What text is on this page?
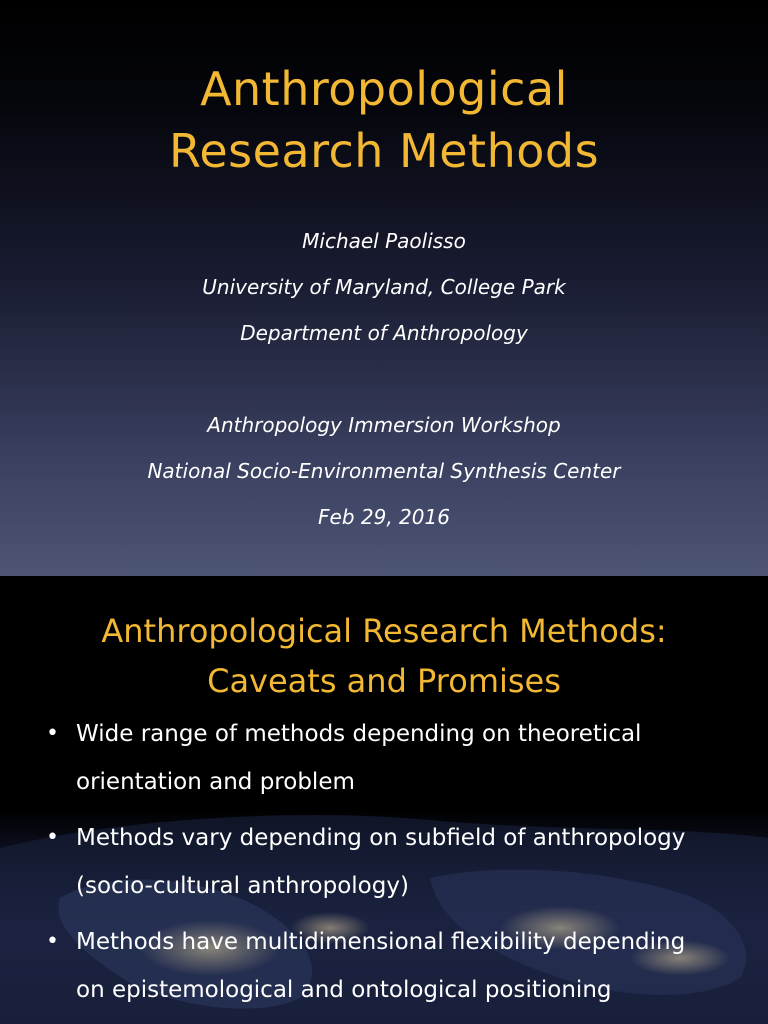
Anthropological
Research Methods
Michael Paolisso
University of Maryland, College Park
Department of Anthropology
Anthropology Immersion Workshop
National Socio-Environmental Synthesis Center
Feb 29, 2016
Anthropological Research Methods:
Caveats and Promises
• Wide range of methods depending on theoretical
orientation and problem
• Methods vary depending on subfield of anthropology
(socio-cultural anthropology)
• Methods have multidimensional flexibility depending
on epistemological and ontological positioning
